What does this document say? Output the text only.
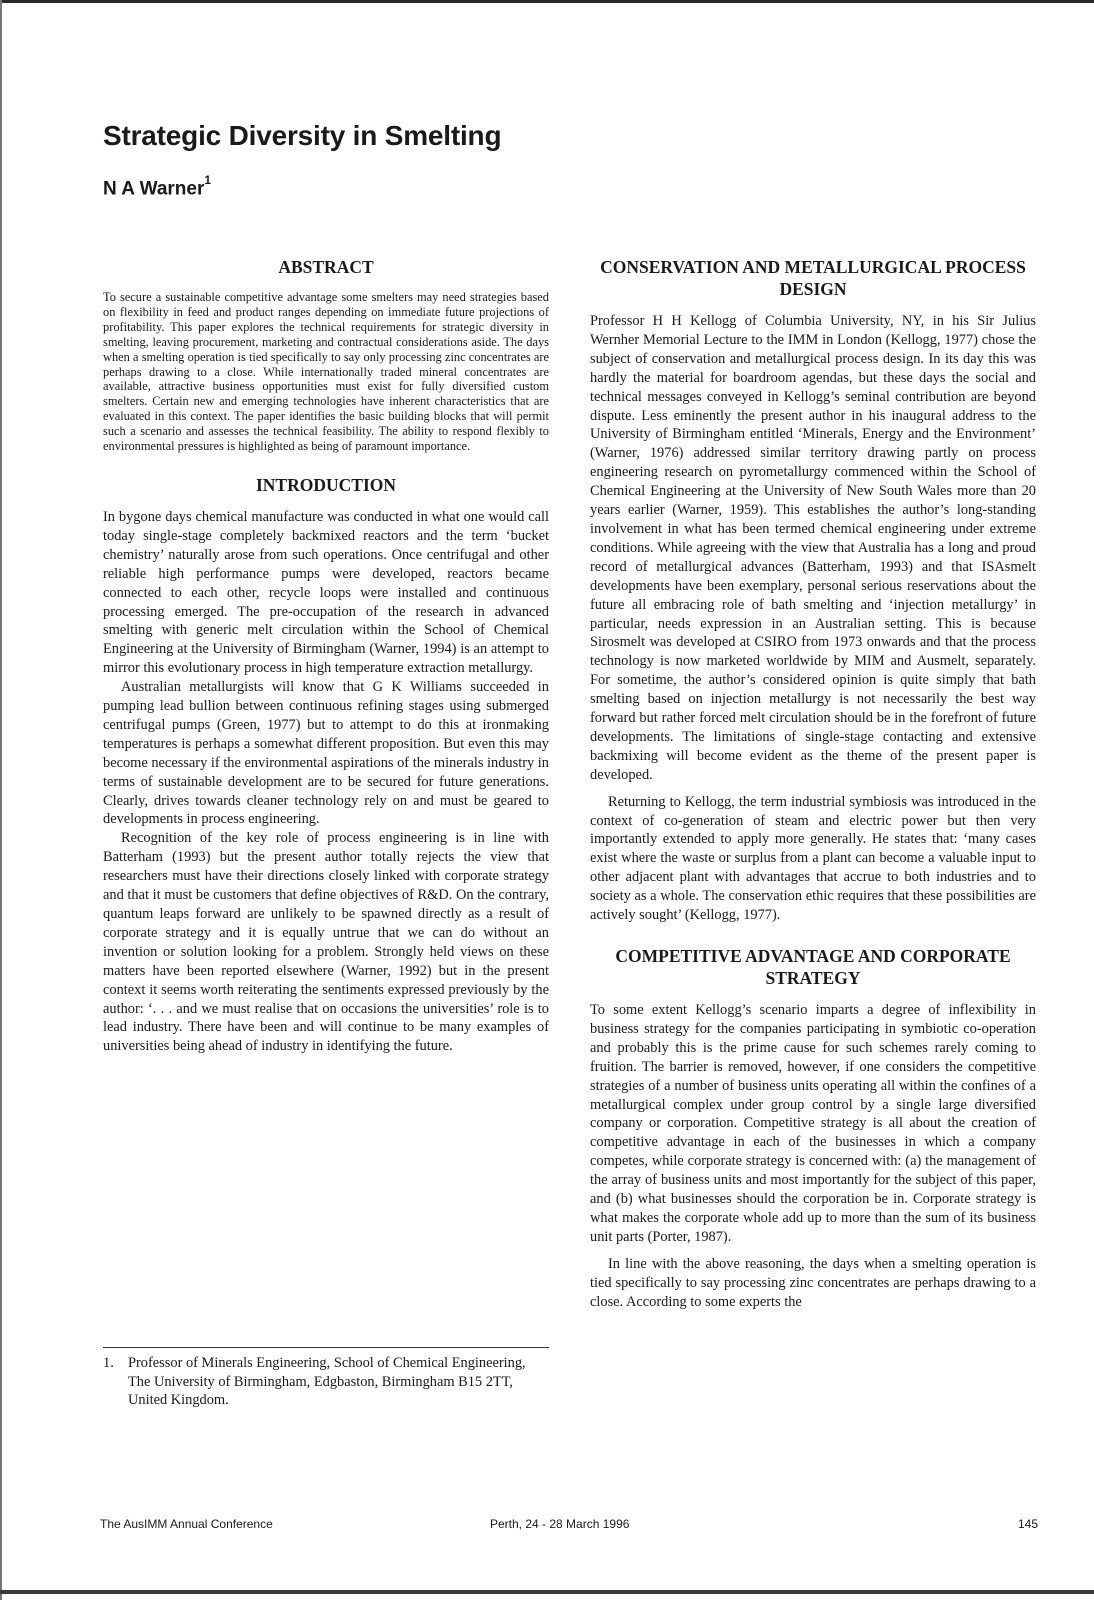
Strategic Diversity in Smelting
N A Warner$^1$
ABSTRACT

To secure a sustainable competitive advantage some smelters may need strategies based on flexibility in feed and product ranges depending on immediate future projections of profitability. This paper explores the technical requirements for strategic diversity in smelting, leaving procurement, marketing and contractual considerations aside. The days when a smelting operation is tied specifically to say only processing zinc concentrates are perhaps drawing to a close. While internationally traded mineral concentrates are available, attractive business opportunities must exist for fully diversified custom smelters. Certain new and emerging technologies have inherent characteristics that are evaluated in this context. The paper identifies the basic building blocks that will permit such a scenario and assesses the technical feasibility. The ability to respond flexibly to environmental pressures is highlighted as being of paramount importance.

INTRODUCTION

In bygone days chemical manufacture was conducted in what one would call today single-stage completely backmixed reactors and the term ‘bucket chemistry’ naturally arose from such operations. Once centrifugal and other reliable high performance pumps were developed, reactors became connected to each other, recycle loops were installed and continuous processing emerged. The pre-occupation of the research in advanced smelting with generic melt circulation within the School of Chemical Engineering at the University of Birmingham (Warner, 1994) is an attempt to mirror this evolutionary process in high temperature extraction metallurgy.

Australian metallurgists will know that G K Williams succeeded in pumping lead bullion between continuous refining stages using submerged centrifugal pumps (Green, 1977) but to attempt to do this at ironmaking temperatures is perhaps a somewhat different proposition. But even this may become necessary if the environmental aspirations of the minerals industry in terms of sustainable development are to be secured for future generations. Clearly, drives towards cleaner technology rely on and must be geared to developments in process engineering.

Recognition of the key role of process engineering is in line with Batterham (1993) but the present author totally rejects the view that researchers must have their directions closely linked with corporate strategy and that it must be customers that define objectives of R&D. On the contrary, quantum leaps forward are unlikely to be spawned directly as a result of corporate strategy and it is equally untrue that we can do without an invention or solution looking for a problem. Strongly held views on these matters have been reported elsewhere (Warner, 1992) but in the present context it seems worth reiterating the sentiments expressed previously by the author: ‘. . . and we must realise that on occasions the universities’ role is to lead industry. There have been and will continue to be many examples of universities being ahead of industry in identifying the future.

1. Professor of Minerals Engineering, School of Chemical Engineering, The University of Birmingham, Edgbaston, Birmingham B15 2TT, United Kingdom.
CONSERVATION AND METALLURGICAL PROCESS DESIGN

Professor H H Kellogg of Columbia University, NY, in his Sir Julius Wernher Memorial Lecture to the IMM in London (Kellogg, 1977) chose the subject of conservation and metallurgical process design. In its day this was hardly the material for boardroom agendas, but these days the social and technical messages conveyed in Kellogg’s seminal contribution are beyond dispute. Less eminently the present author in his inaugural address to the University of Birmingham entitled ‘Minerals, Energy and the Environment’ (Warner, 1976) addressed similar territory drawing partly on process engineering research on pyrometallurgy commenced within the School of Chemical Engineering at the University of New South Wales more than 20 years earlier (Warner, 1959). This establishes the author’s long-standing involvement in what has been termed chemical engineering under extreme conditions. While agreeing with the view that Australia has a long and proud record of metallurgical advances (Batterham, 1993) and that ISAsmelt developments have been exemplary, personal serious reservations about the future all embracing role of bath smelting and ‘injection metallurgy’ in particular, needs expression in an Australian setting. This is because Sirosmelt was developed at CSIRO from 1973 onwards and that the process technology is now marketed worldwide by MIM and Ausmelt, separately. For sometime, the author’s considered opinion is quite simply that bath smelting based on injection metallurgy is not necessarily the best way forward but rather forced melt circulation should be in the forefront of future developments. The limitations of single-stage contacting and extensive backmixing will become evident as the theme of the present paper is developed.

Returning to Kellogg, the term industrial symbiosis was introduced in the context of co-generation of steam and electric power but then very importantly extended to apply more generally. He states that: ‘many cases exist where the waste or surplus from a plant can become a valuable input to other adjacent plant with advantages that accrue to both industries and to society as a whole. The conservation ethic requires that these possibilities are actively sought’ (Kellogg, 1977).

COMPETITIVE ADVANTAGE AND CORPORATE STRATEGY

To some extent Kellogg’s scenario imparts a degree of inflexibility in business strategy for the companies participating in symbiotic co-operation and probably this is the prime cause for such schemes rarely coming to fruition. The barrier is removed, however, if one considers the competitive strategies of a number of business units operating all within the confines of a metallurgical complex under group control by a single large diversified company or corporation. Competitive strategy is all about the creation of competitive advantage in each of the businesses in which a company competes, while corporate strategy is concerned with: (a) the management of the array of business units and most importantly for the subject of this paper, and (b) what businesses should the corporation be in. Corporate strategy is what makes the corporate whole add up to more than the sum of its business unit parts (Porter, 1987).

In line with the above reasoning, the days when a smelting operation is tied specifically to say processing zinc concentrates are perhaps drawing to a close. According to some experts the

The AusIMM Annual Conference	Perth, 24 - 28 March 1996	145
